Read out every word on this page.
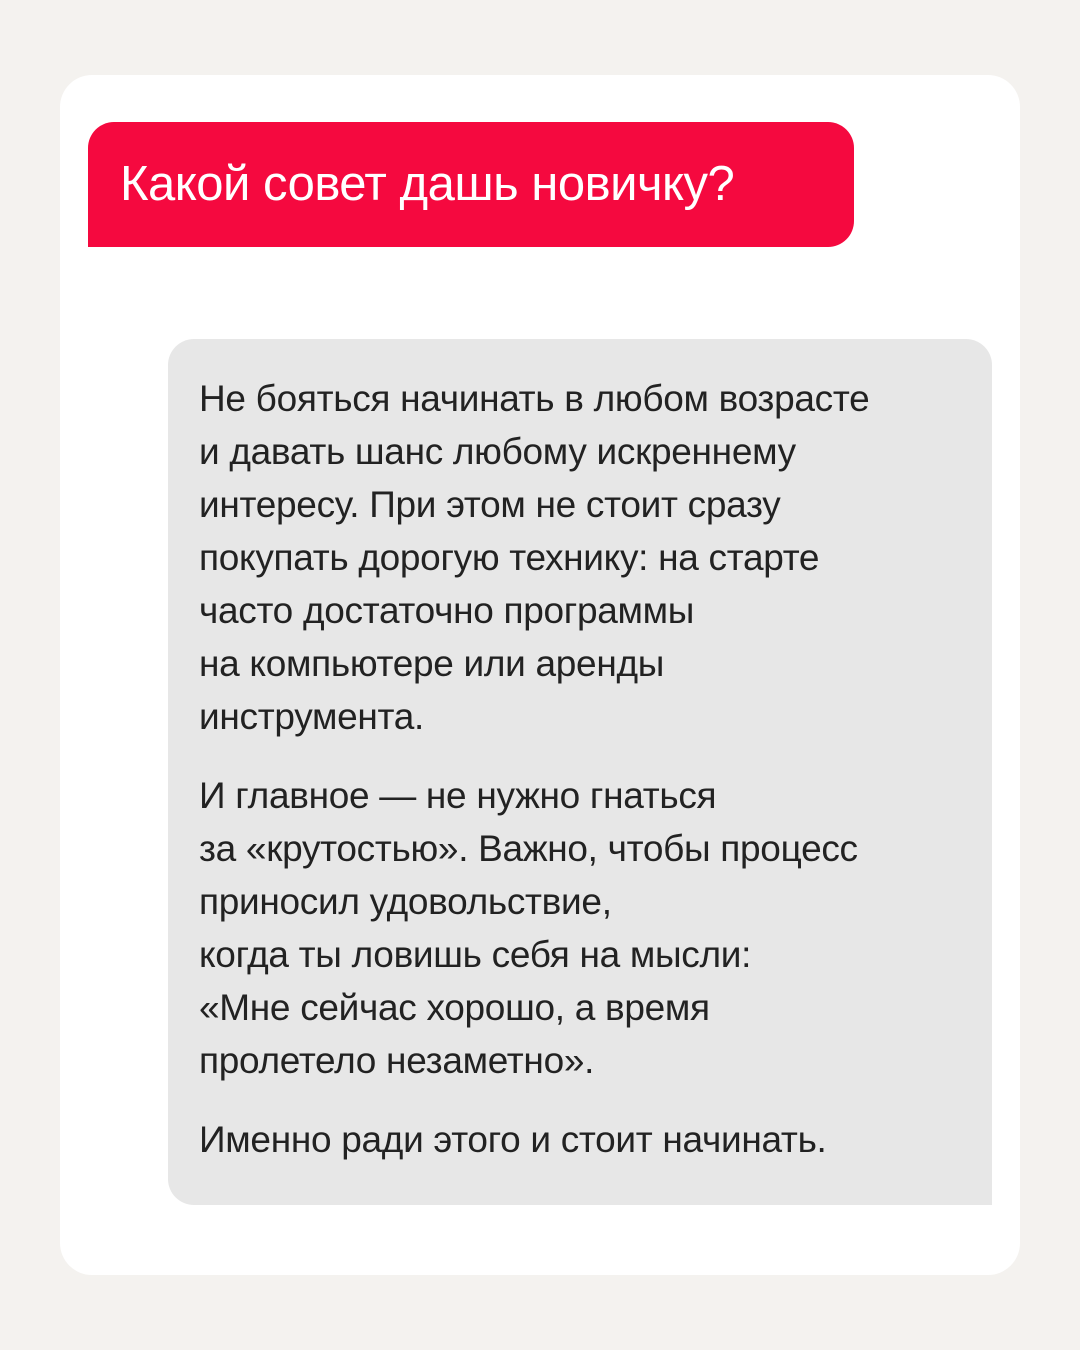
Какой совет дашь новичку?

Не бояться начинать в любом возрасте
и давать шанс любому искреннему
интересу. При этом не стоит сразу
покупать дорогую технику: на старте
часто достаточно программы
на компьютере или аренды
инструмента.

И главное — не нужно гнаться
за «крутостью». Важно, чтобы процесс
приносил удовольствие,
когда ты ловишь себя на мысли:
«Мне сейчас хорошо, а время
пролетело незаметно».

Именно ради этого и стоит начинать.
